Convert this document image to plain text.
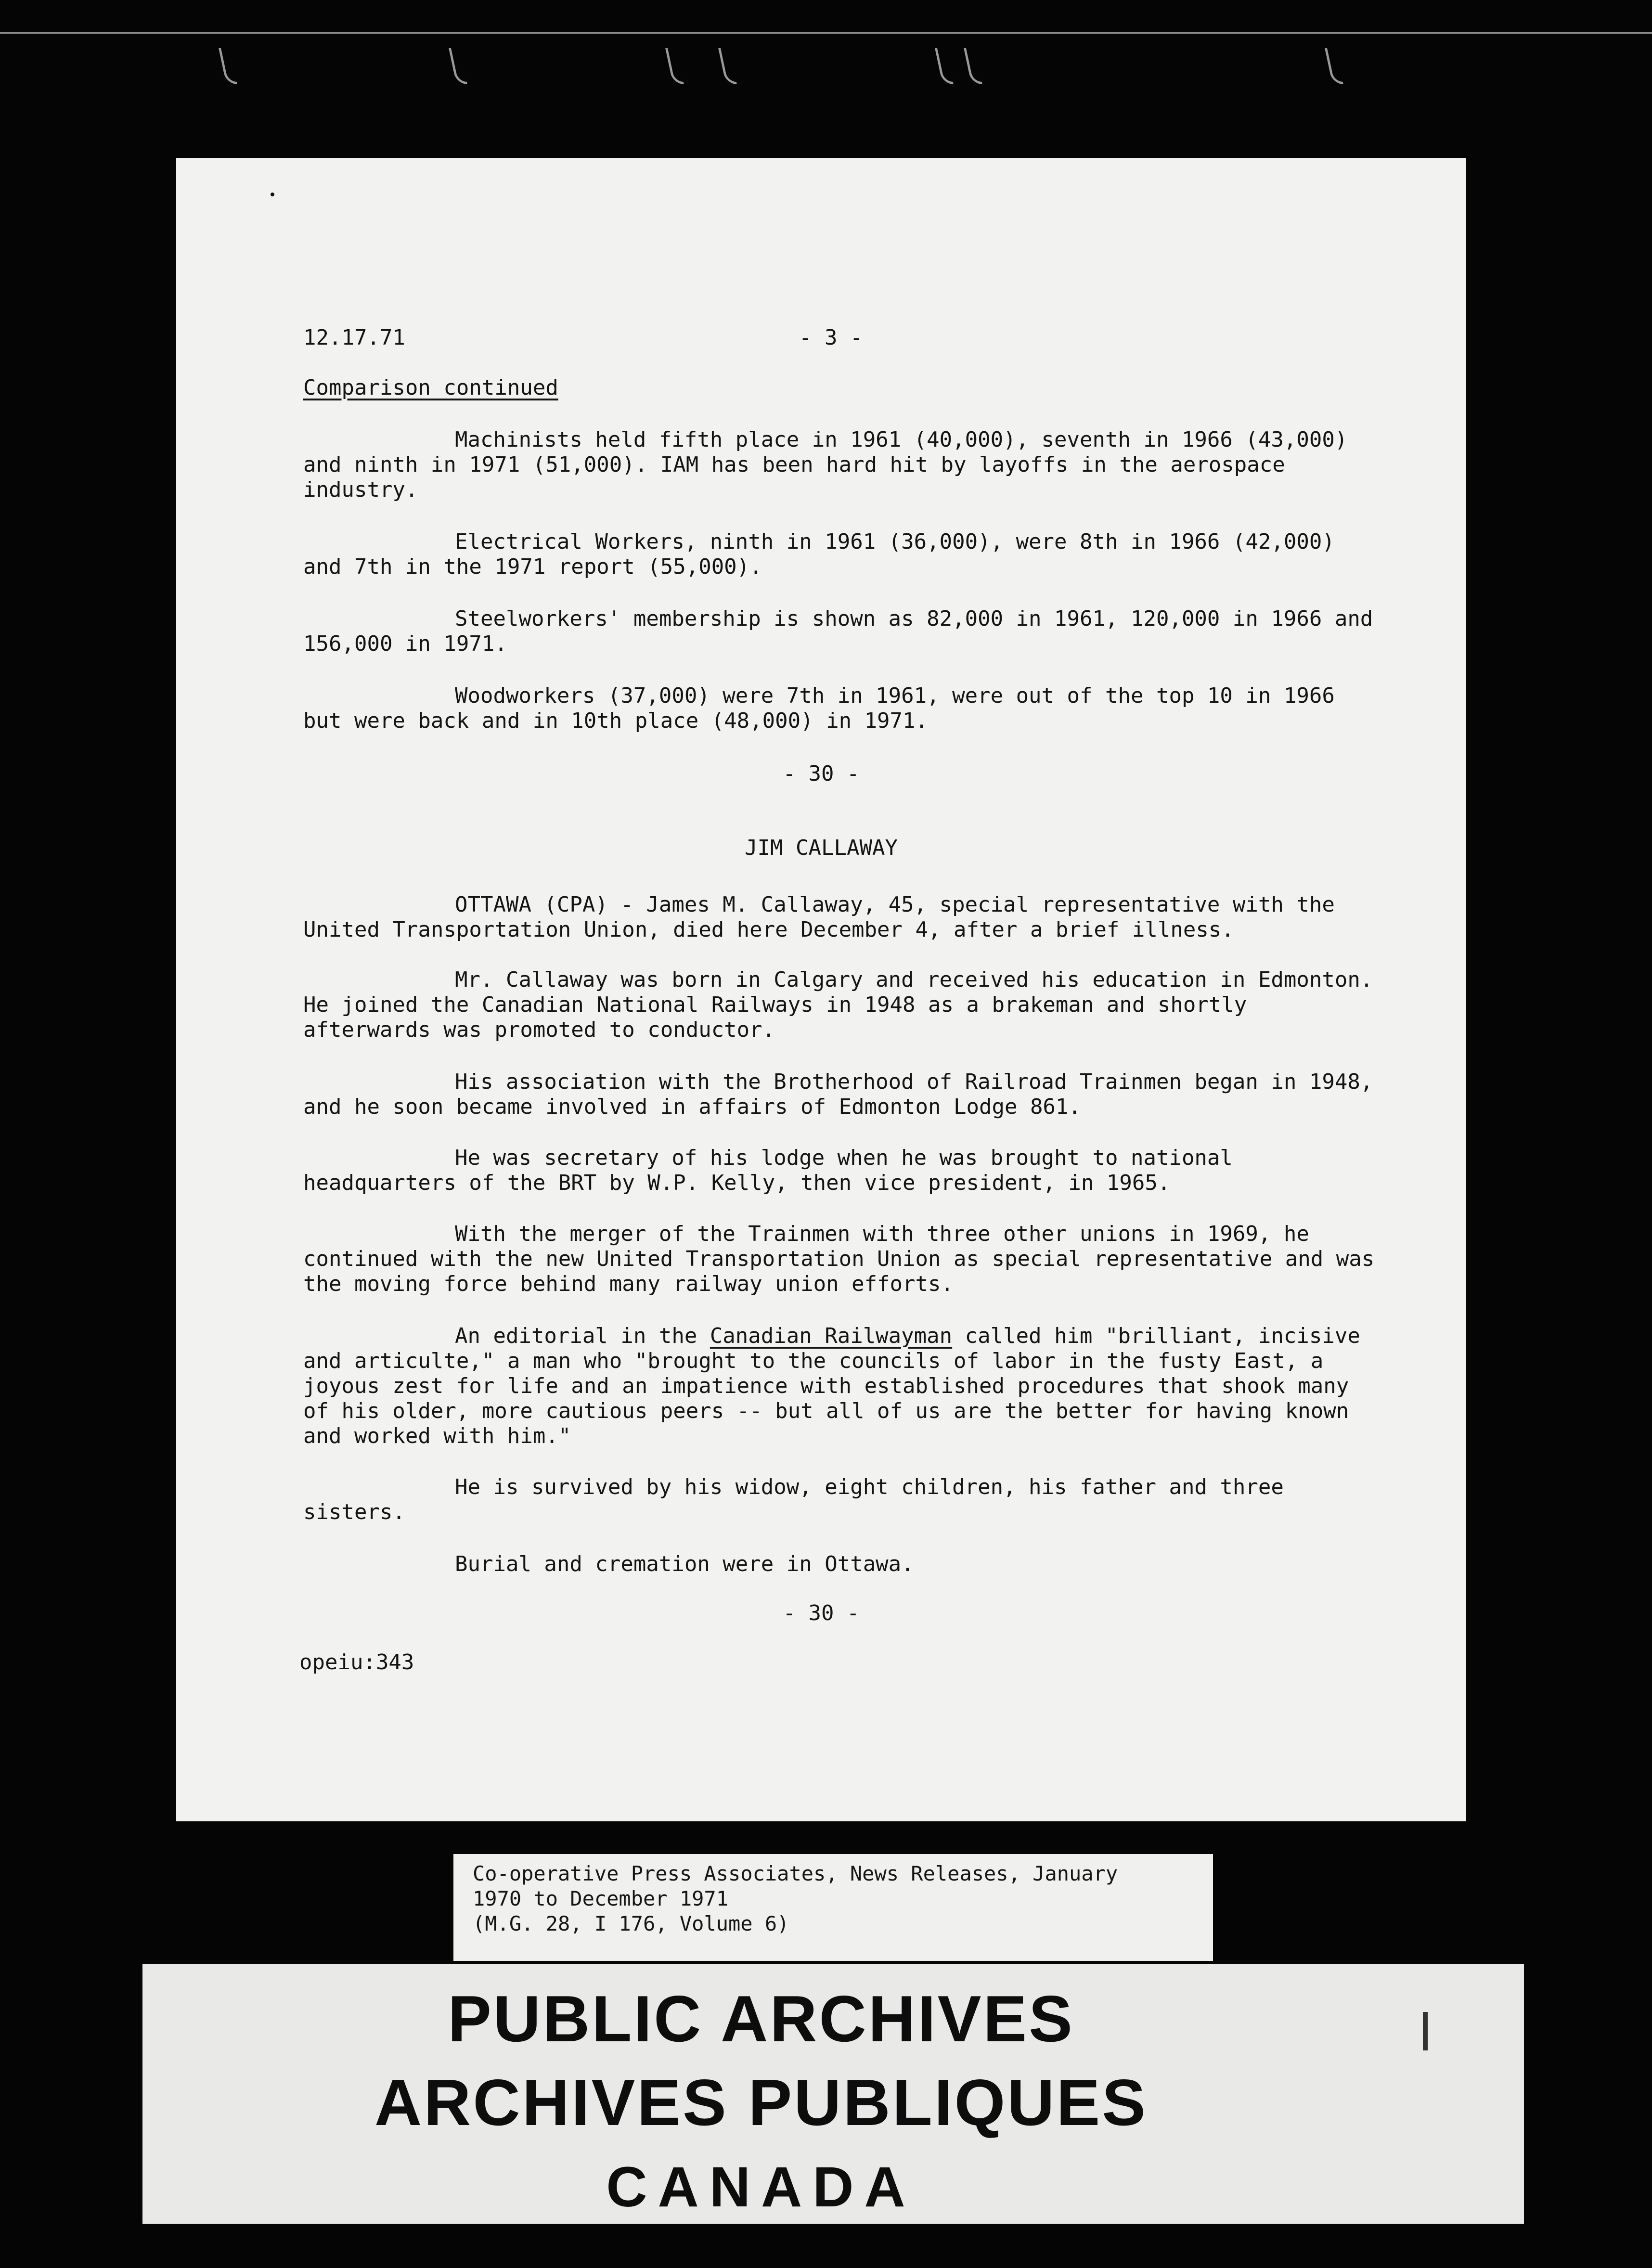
12.17.71	- 3 -
Comparison continued
Machinists held fifth place in 1961 (40,000), seventh in 1966 (43,000) and ninth in 1971 (51,000). IAM has been hard hit by layoffs in the aerospace industry.
Electrical Workers, ninth in 1961 (36,000), were 8th in 1966 (42,000) and 7th in the 1971 report (55,000).
Steelworkers' membership is shown as 82,000 in 1961, 120,000 in 1966 and 156,000 in 1971.
Woodworkers (37,000) were 7th in 1961, were out of the top 10 in 1966 but were back and in 10th place (48,000) in 1971.
- 30 -
JIM CALLAWAY
OTTAWA (CPA) - James M. Callaway, 45, special representative with the United Transportation Union, died here December 4, after a brief illness.
Mr. Callaway was born in Calgary and received his education in Edmonton. He joined the Canadian National Railways in 1948 as a brakeman and shortly afterwards was promoted to conductor.
His association with the Brotherhood of Railroad Trainmen began in 1948, and he soon became involved in affairs of Edmonton Lodge 861.
He was secretary of his lodge when he was brought to national headquarters of the BRT by W.P. Kelly, then vice president, in 1965.
With the merger of the Trainmen with three other unions in 1969, he continued with the new United Transportation Union as special representative and was the moving force behind many railway union efforts.
An editorial in the Canadian Railwayman called him "brilliant, incisive and articulte," a man who "brought to the councils of labor in the fusty East, a joyous zest for life and an impatience with established procedures that shook many of his older, more cautious peers -- but all of us are the better for having known and worked with him."
He is survived by his widow, eight children, his father and three sisters.
Burial and cremation were in Ottawa.
- 30 -
opeiu:343
Co-operative Press Associates, News Releases, January
1970 to December 1971
(M.G. 28, I 176, Volume 6)
PUBLIC ARCHIVES
ARCHIVES PUBLIQUES
CANADA
